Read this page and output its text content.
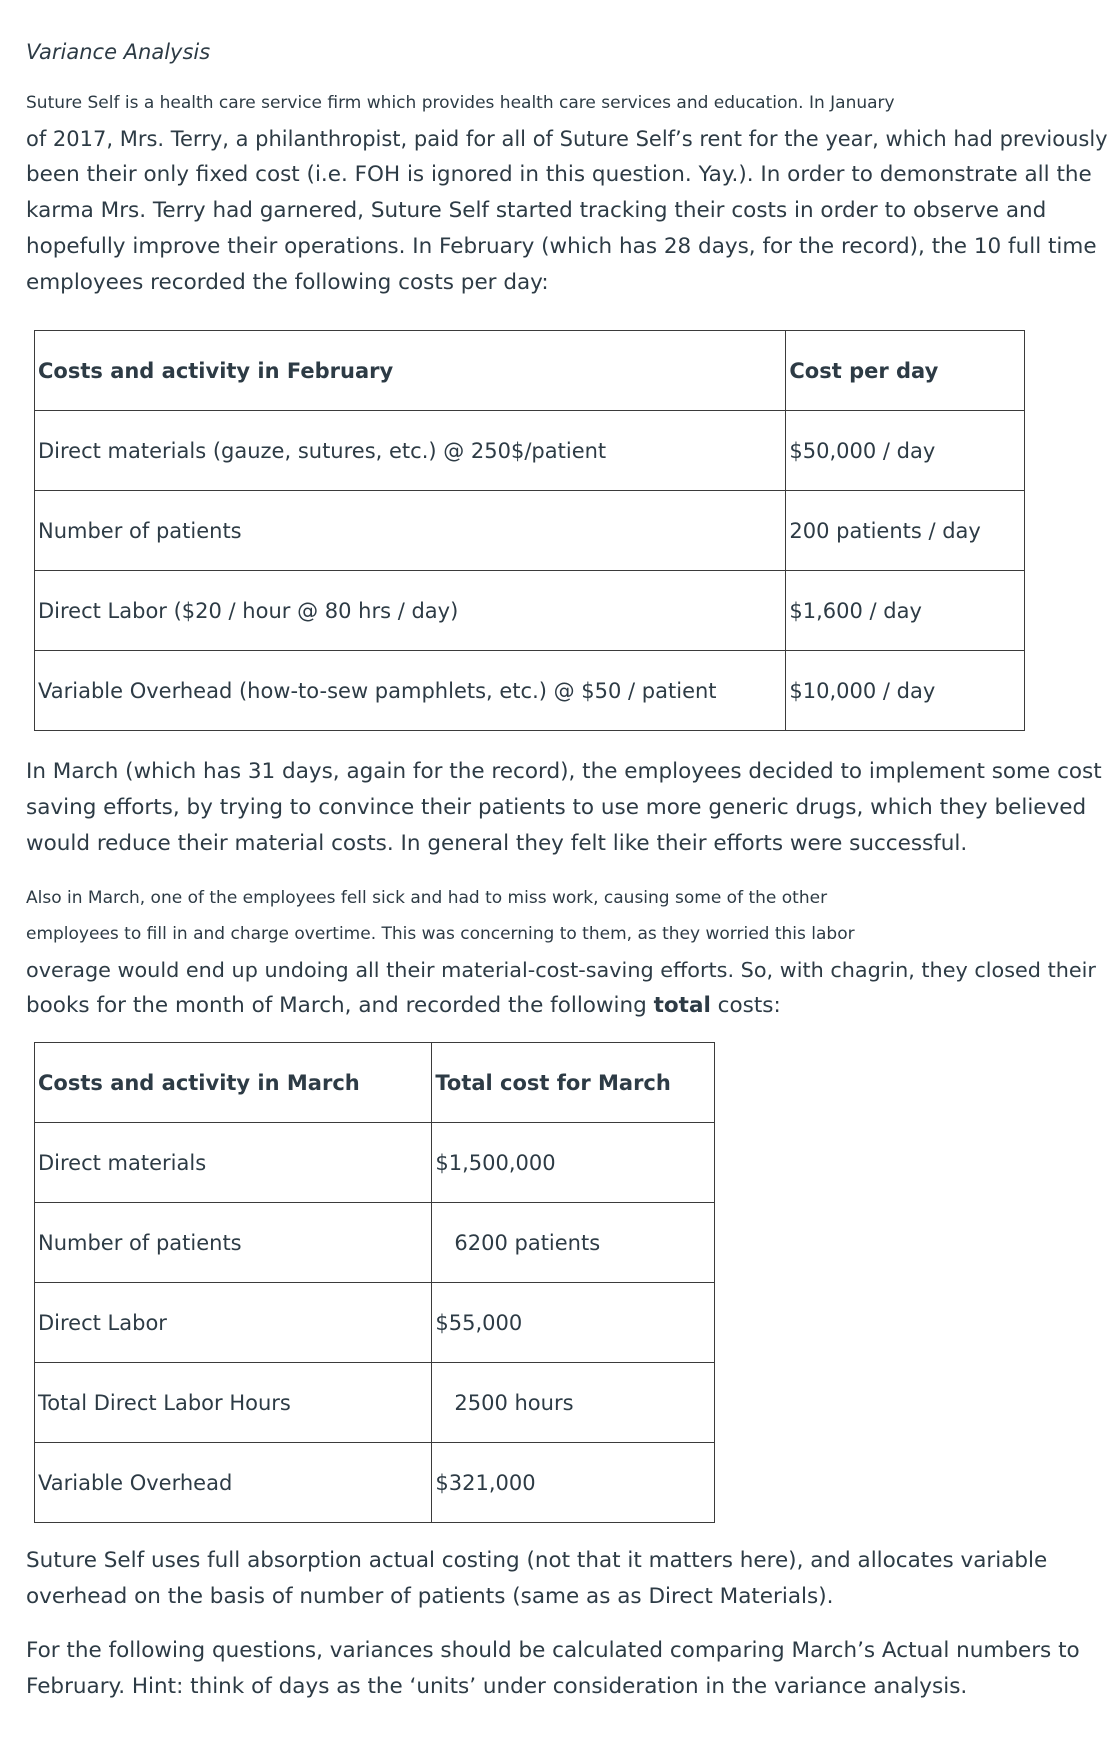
Variance Analysis
Suture Self is a health care service firm which provides health care services and education. In January
of 2017, Mrs. Terry, a philanthropist, paid for all of Suture Self’s rent for the year, which had previously
been their only fixed cost (i.e. FOH is ignored in this question. Yay.). In order to demonstrate all the
karma Mrs. Terry had garnered, Suture Self started tracking their costs in order to observe and
hopefully improve their operations. In February (which has 28 days, for the record), the 10 full time
employees recorded the following costs per day:
Costs and activity in February	Cost per day
Direct materials (gauze, sutures, etc.) @ 250$/patient	$50,000 / day
Number of patients	200 patients / day
Direct Labor ($20 / hour @ 80 hrs / day)	$1,600 / day
Variable Overhead (how-to-sew pamphlets, etc.) @ $50 / patient	$10,000 / day
In March (which has 31 days, again for the record), the employees decided to implement some cost
saving efforts, by trying to convince their patients to use more generic drugs, which they believed
would reduce their material costs. In general they felt like their efforts were successful.
Also in March, one of the employees fell sick and had to miss work, causing some of the other
employees to fill in and charge overtime. This was concerning to them, as they worried this labor
overage would end up undoing all their material-cost-saving efforts. So, with chagrin, they closed their
books for the month of March, and recorded the following total costs:
Costs and activity in March	Total cost for March
Direct materials	$1,500,000
Number of patients	6200 patients
Direct Labor	$55,000
Total Direct Labor Hours	2500 hours
Variable Overhead	$321,000
Suture Self uses full absorption actual costing (not that it matters here), and allocates variable
overhead on the basis of number of patients (same as as Direct Materials).
For the following questions, variances should be calculated comparing March’s Actual numbers to
February. Hint: think of days as the ‘units’ under consideration in the variance analysis.
